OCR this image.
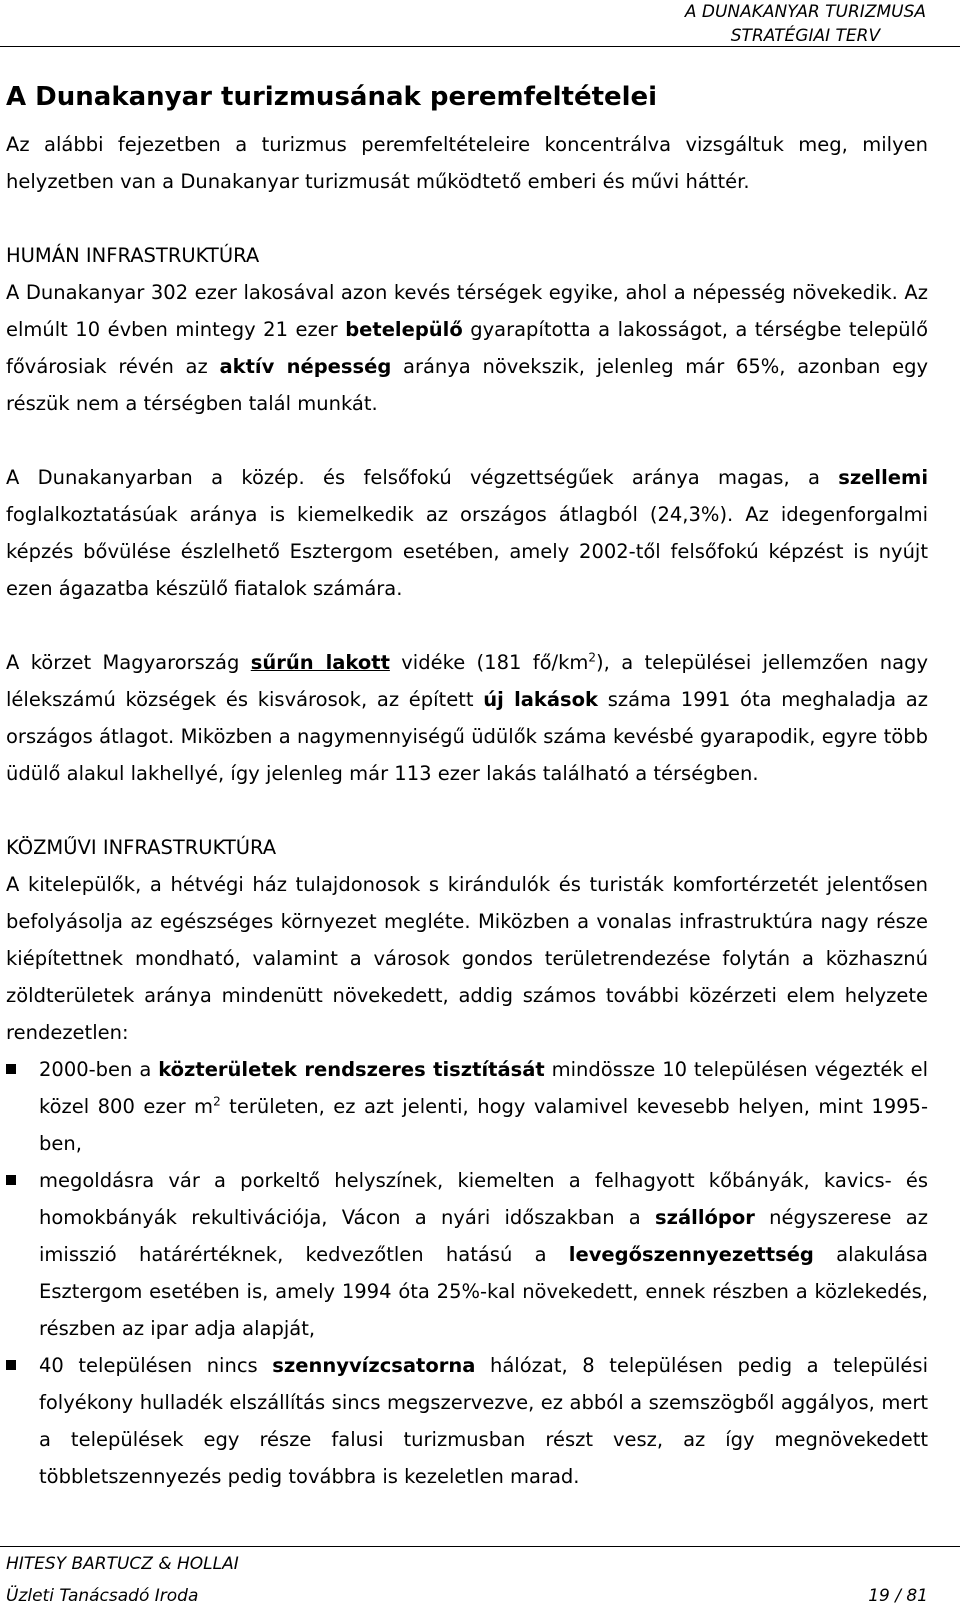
A DUNAKANYAR TURIZMUSA
STRATÉGIAI TERV
A Dunakanyar turizmusának peremfeltételei

Az alábbi fejezetben a turizmus peremfeltételeire koncentrálva vizsgáltuk meg, milyen helyzetben van a Dunakanyar turizmusát működtető emberi és művi háttér.

HUMÁN INFRASTRUKTÚRA

A Dunakanyar 302 ezer lakosával azon kevés térségek egyike, ahol a népesség növekedik. Az elmúlt 10 évben mintegy 21 ezer betelepülő gyarapította a lakosságot, a térségbe települő fővárosiak révén az aktív népesség aránya növekszik, jelenleg már 65%, azonban egy részük nem a térségben talál munkát.

A Dunakanyarban a közép. és felsőfokú végzettségűek aránya magas, a szellemi foglalkoztatásúak aránya is kiemelkedik az országos átlagból (24,3%). Az idegenforgalmi képzés bővülése észlelhető Esztergom esetében, amely 2002-től felsőfokú képzést is nyújt ezen ágazatba készülő fiatalok számára.

A körzet Magyarország sűrűn lakott vidéke (181 $fő/km^2$), a települései jellemzően nagy lélekszámú községek és kisvárosok, az épített új lakások száma 1991 óta meghaladja az országos átlagot. Miközben a nagymennyiségű üdülők száma kevésbé gyarapodik, egyre több üdülő alakul lakhellyé, így jelenleg már 113 ezer lakás található a térségben.

KÖZMŰVI INFRASTRUKTÚRA

A kitelepülők, a hétvégi ház tulajdonosok s kirándulók és turisták komfortérzetét jelentősen befolyásolja az egészséges környezet megléte. Miközben a vonalas infrastruktúra nagy része kiépítettnek mondható, valamint a városok gondos területrendezése folytán a közhasznú zöldterületek aránya mindenütt növekedett, addig számos további közérzeti elem helyzete rendezetlen:

2000-ben a közterületek rendszeres tisztítását mindössze 10 településen végezték el közel 800 ezer $m^2$ területen, ez azt jelenti, hogy valamivel kevesebb helyen, mint 1995-ben,
megoldásra vár a porkeltő helyszínek, kiemelten a felhagyott kőbányák, kavics- és homokbányák rekultivációja, Vácon a nyári időszakban a szállópor négyszerese az imisszió határértéknek, kedvezőtlen hatású a levegőszennyezettség alakulása Esztergom esetében is, amely 1994 óta 25%-kal növekedett, ennek részben a közlekedés, részben az ipar adja alapját,
40 településen nincs szennyvízcsatorna hálózat, 8 településen pedig a települési folyékony hulladék elszállítás sincs megszervezve, ez abból a szemszögből aggályos, mert a települések egy része falusi turizmusban részt vesz, az így megnövekedett többletszennyezés pedig továbbra is kezeletlen marad.
HITESY BARTUCZ & HOLLAI
Üzleti Tanácsadó Iroda	19 / 81
